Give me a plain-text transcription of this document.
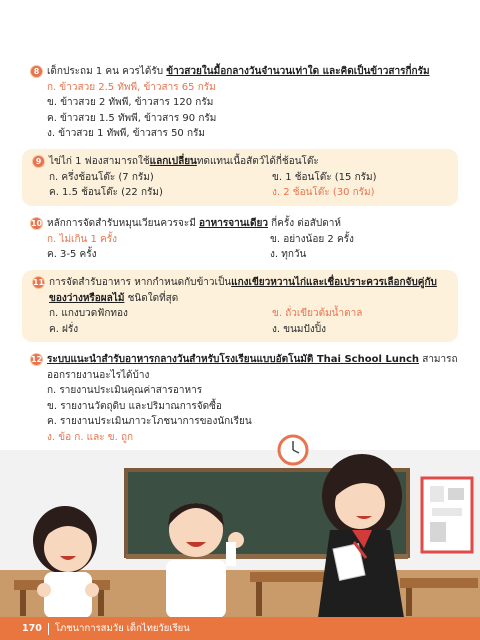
8 เด็กประถม 1 คน ควรได้รับ ข้าวสวยในมื้อกลางวันจำนวนเท่าใด และคิดเป็นข้าวสารกี่กรัม
ก. ข้าวสวย 2.5 ทัพพี, ข้าวสาร 65 กรัม
ข. ข้าวสวย 2 ทัพพี, ข้าวสาร 120 กรัม
ค. ข้าวสวย 1.5 ทัพพี, ข้าวสาร 90 กรัม
ง. ข้าวสวย 1 ทัพพี, ข้าวสาร 50 กรัม
9 ไข่ไก่ 1 ฟองสามารถใช้แลกเปลี่ยนทดแทนเนื้อสัตว์ได้กี่ช้อนโต๊ะ
ก. ครึ่งช้อนโต๊ะ (7 กรัม)	ข. 1 ช้อนโต๊ะ (15 กรัม)
ค. 1.5 ช้อนโต๊ะ (22 กรัม)	ง. 2 ช้อนโต๊ะ (30 กรัม)
10 หลักการจัดสำรับหมุนเวียนควรจะมี อาหารจานเดียว กี่ครั้ง ต่อสัปดาห์
ก. ไม่เกิน 1 ครั้ง	ข. อย่างน้อย 2 ครั้ง
ค. 3-5 ครั้ง	ง. ทุกวัน
11 การจัดสำรับอาหาร หากกำหนดกับข้าวเป็นแกงเขียวหวานไก่และเชื่อเปราะควรเลือกจับคู่กับของว่างหรือผลไม้ ชนิดใดที่สุด
ก. แกงบวดฟักทอง	ข. ถั่วเขียวต้มน้ำตาล
ค. ฝรั่ง	ง. ขนมปังปิ้ง
12 ระบบแนะนำสำรับอาหารกลางวันสำหรับโรงเรียนแบบอัตโนมัติ Thai School Lunch สามารถออกรายงานอะไรได้บ้าง
ก. รายงานประเมินคุณค่าสารอาหาร
ข. รายงานวัตถุดิบ และปริมาณการจัดซื้อ
ค. รายงานประเมินภาวะโภชนาการของนักเรียน
ง. ข้อ ก. และ ข. ถูก
170 โภชนาการสมวัย เด็กไทยวัยเรียน
